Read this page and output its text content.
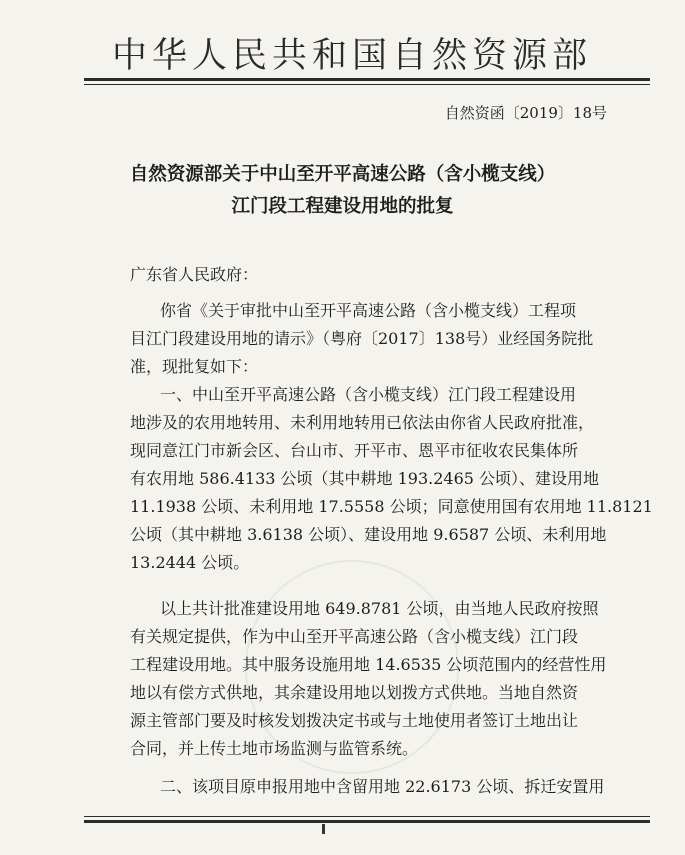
中华人民共和国自然资源部
自然资函〔2019〕18号
自然资源部关于中山至开平高速公路（含小榄支线）
江门段工程建设用地的批复
广东省人民政府：
你省《关于审批中山至开平高速公路（含小榄支线）工程项
目江门段建设用地的请示》（粤府〔2017〕138号）业经国务院批
准，现批复如下：
一、中山至开平高速公路（含小榄支线）江门段工程建设用
地涉及的农用地转用、未利用地转用已依法由你省人民政府批准，
现同意江门市新会区、台山市、开平市、恩平市征收农民集体所
有农用地 586.4133 公顷（其中耕地 193.2465 公顷）、建设用地
11.1938 公顷、未利用地 17.5558 公顷；同意使用国有农用地 11.8121
公顷（其中耕地 3.6138 公顷）、建设用地 9.6587 公顷、未利用地
13.2444 公顷。
以上共计批准建设用地 649.8781 公顷，由当地人民政府按照
有关规定提供，作为中山至开平高速公路（含小榄支线）江门段
工程建设用地。其中服务设施用地 14.6535 公顷范围内的经营性用
地以有偿方式供地，其余建设用地以划拨方式供地。当地自然资
源主管部门要及时核发划拨决定书或与土地使用者签订土地出让
合同，并上传土地市场监测与监管系统。
二、该项目原申报用地中含留用地 22.6173 公顷、拆迁安置用
